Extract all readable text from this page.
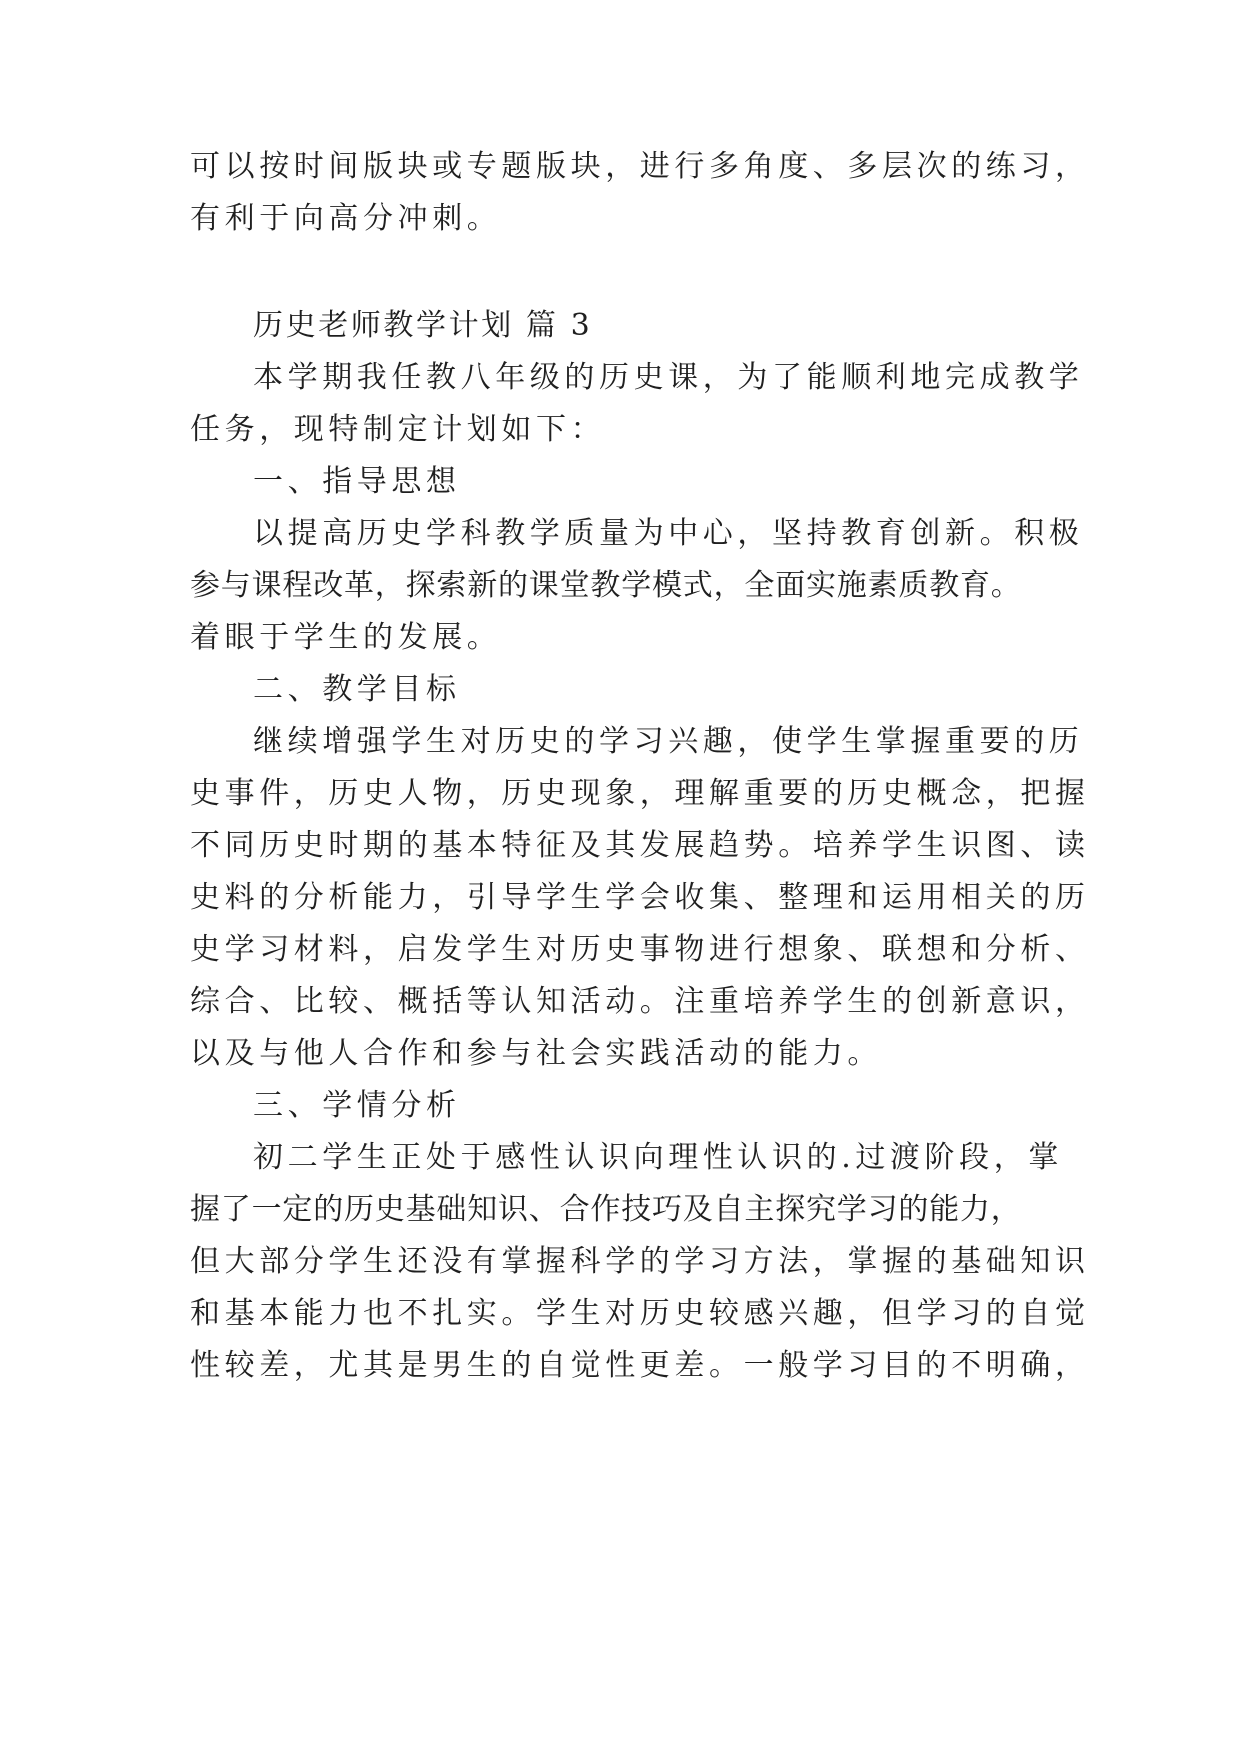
可以按时间版块或专题版块，进行多角度、多层次的练习，
有利于向高分冲刺。
历史老师教学计划 篇 3
本学期我任教八年级的历史课，为了能顺利地完成教学
任务，现特制定计划如下：
一、指导思想
以提高历史学科教学质量为中心，坚持教育创新。积极
参与课程改革，探索新的课堂教学模式，全面实施素质教育。
着眼于学生的发展。
二、教学目标
继续增强学生对历史的学习兴趣，使学生掌握重要的历
史事件，历史人物，历史现象，理解重要的历史概念，把握
不同历史时期的基本特征及其发展趋势。培养学生识图、读
史料的分析能力，引导学生学会收集、整理和运用相关的历
史学习材料，启发学生对历史事物进行想象、联想和分析、
综合、比较、概括等认知活动。注重培养学生的创新意识，
以及与他人合作和参与社会实践活动的能力。
三、学情分析
初二学生正处于感性认识向理性认识的.过渡阶段，掌
握了一定的历史基础知识、合作技巧及自主探究学习的能力，
但大部分学生还没有掌握科学的学习方法，掌握的基础知识
和基本能力也不扎实。学生对历史较感兴趣，但学习的自觉
性较差，尤其是男生的自觉性更差。一般学习目的不明确，
